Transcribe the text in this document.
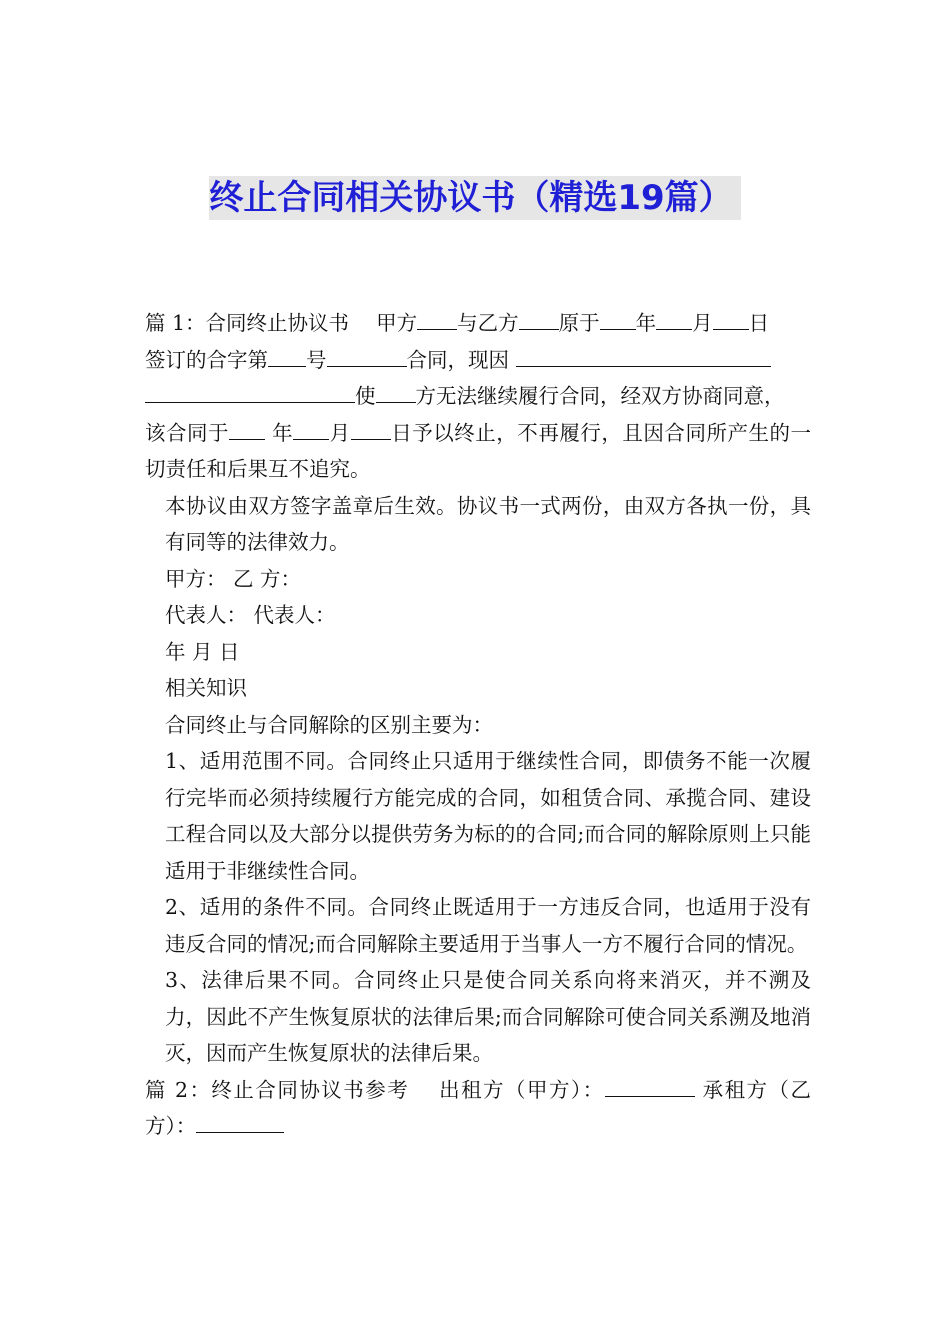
终止合同相关协议书（精选19篇）

篇 1：合同终止协议书　 甲方 与乙方 原于 年 月 日
签订的合字第 号	合同，现因
使 方无法继续履行合同，经双方协商同意，
该合同于 年 月 日予以终止，不再履行，且因合同所产生的一切责任和后果互不追究。

本协议由双方签字盖章后生效。协议书一式两份，由双方各执一份，具有同等的法律效力。

甲方： 乙 方：

代表人： 代表人：

年 月 日

相关知识

合同终止与合同解除的区别主要为：

1、适用范围不同。合同终止只适用于继续性合同，即债务不能一次履行完毕而必须持续履行方能完成的合同，如租赁合同、承揽合同、建设工程合同以及大部分以提供劳务为标的的合同;而合同的解除原则上只能适用于非继续性合同。

2、适用的条件不同。合同终止既适用于一方违反合同，也适用于没有违反合同的情况;而合同解除主要适用于当事人一方不履行合同的情况。

3、法律后果不同。合同终止只是使合同关系向将来消灭，并不溯及力，因此不产生恢复原状的法律后果;而合同解除可使合同关系溯及地消灭，因而产生恢复原状的法律后果。

篇 2：终止合同协议书参考　 出租方（甲方）：	承租方（乙方）：
